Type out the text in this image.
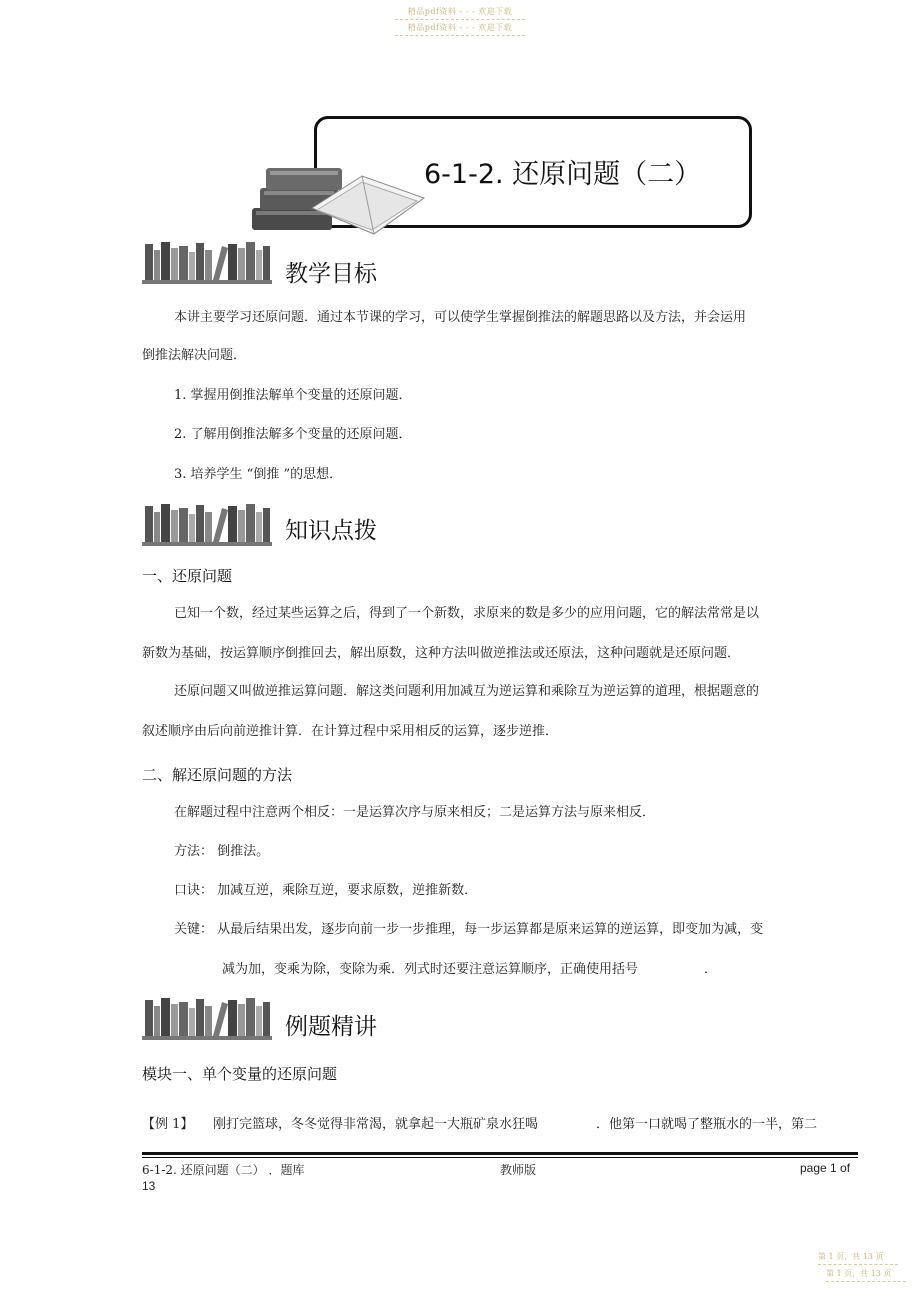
精品pdf资料 - - - 欢迎下载
精品pdf资料 - - - 欢迎下载
6-1-2. 还原问题（二）
教学目标
本讲主要学习还原问题．通过本节课的学习，可以使学生掌握倒推法的解题思路以及方法，并会运用
倒推法解决问题．
1. 掌握用倒推法解单个变量的还原问题．
2. 了解用倒推法解多个变量的还原问题．
3. 培养学生 “倒推 ”的思想．
知识点拨
一、还原问题
已知一个数，经过某些运算之后，得到了一个新数，求原来的数是多少的应用问题，它的解法常常是以
新数为基础，按运算顺序倒推回去，解出原数，这种方法叫做逆推法或还原法，这种问题就是还原问题．
还原问题又叫做逆推运算问题．解这类问题利用加减互为逆运算和乘除互为逆运算的道理，根据题意的
叙述顺序由后向前逆推计算．在计算过程中采用相反的运算，逐步逆推．
二、解还原问题的方法
在解题过程中注意两个相反：一是运算次序与原来相反；二是运算方法与原来相反．
方法： 倒推法。
口诀： 加减互逆，乘除互逆，要求原数，逆推新数．
关键： 从最后结果出发，逐步向前一步一步推理，每一步运算都是原来运算的逆运算，即变加为减，变
减为加，变乘为除，变除为乘．列式时还要注意运算顺序，正确使用括号	．
例题精讲
模块一、单个变量的还原问题
【例 1】 刚打完篮球，冬冬觉得非常渴，就拿起一大瓶矿泉水狂喝	．他第一口就喝了整瓶水的一半，第二
6-1-2. 还原问题（二） ．题库	教师版	page 1 of
13
第 1 页，共 13 页
第 1 页，共 13 页
